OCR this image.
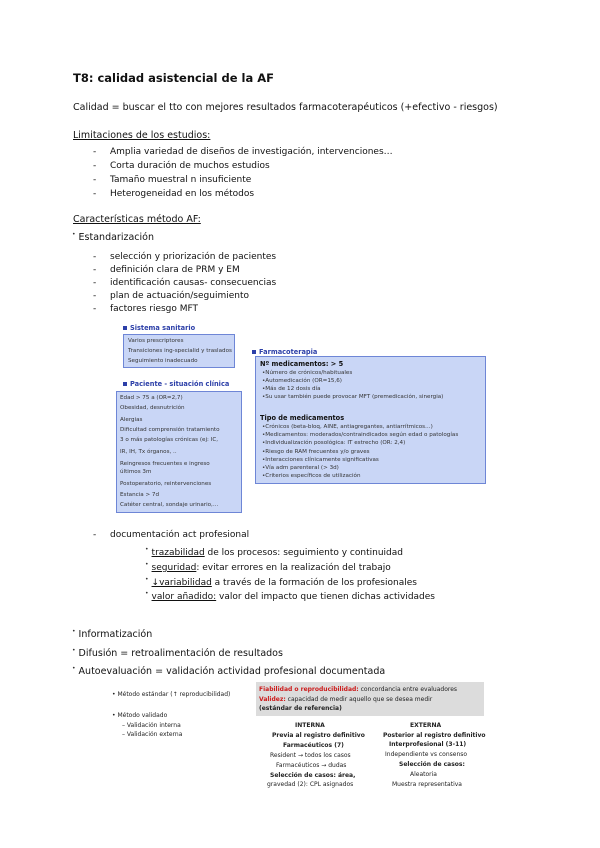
T8: calidad asistencial de la AF
Calidad = buscar el tto con mejores resultados farmacoterapéuticos (+efectivo - riesgos)
Limitaciones de los estudios:
- Amplia variedad de diseños de investigación, intervenciones…
- Corta duración de muchos estudios
- Tamaño muestral n insuficiente
- Heterogeneidad en los métodos
Características método AF:
• Estandarización
- selección y priorización de pacientes
- definición clara de PRM y EM
- identificación causas- consecuencias
- plan de actuación/seguimiento
- factores riesgo MFT
Sistema sanitario
Varios prescriptores
Transiciones ing-specialid y traslados
Seguimiento inadecuado
Paciente - situación clínica
Edad > 75 a (OR=2,7)
Obesidad, desnutrición
Alergias
Dificultad comprensión tratamiento
3 o más patologías crónicas (ej: IC,
IR, IH, Tx órganos, ..
Reingresos frecuentes e ingreso
últimos 3m
Postoperatorio, reintervenciones
Estancia > 7d
Catéter central, sondaje urinario,…
Farmacoterapia
Nº medicamentos: > 5
•Número de crónicos/habituales
•Automedicación (OR=15,6)
•Más de 12 dosis día
•Su usar también puede provocar MFT (premedicación, sinergia)
Tipo de medicamentos
•Crónicos (beta-bloq, AINE, antiagregantes, antiarrítmicos…)
•Medicamentos: moderados/contraindicados según edad o patologías
•Individualización posológica: IT estrecho (OR: 2,4)
•Riesgo de RAM frecuentes y/o graves
•Interacciones clínicamente significativas
•Vía adm parenteral (> 3d)
•Criterios específicos de utilización
- documentación act profesional
• trazabilidad de los procesos: seguimiento y continuidad
• seguridad: evitar errores en la realización del trabajo
• ↓variabilidad a través de la formación de los profesionales
• valor añadido: valor del impacto que tienen dichas actividades
• Informatización
• Difusión = retroalimentación de resultados
• Autoevaluación = validación actividad profesional documentada
• Método estándar (↑ reproducibilidad)
• Método validado
– Validación interna
– Validación externa
Fiabilidad o reproducibilidad: concordancia entre evaluadores
Validez: capacidad de medir aquello que se desea medir
(estándar de referencia)
INTERNA
Previa al registro definitivo
Farmacéuticos (7)
Resident → todos los casos
Farmacéuticos → dudas
Selección de casos: área,
gravedad (2): CPL asignados
EXTERNA
Posterior al registro definitivo
Interprofesional (3-11)
Independiente vs consenso
Selección de casos:
Aleatoria
Muestra representativa
